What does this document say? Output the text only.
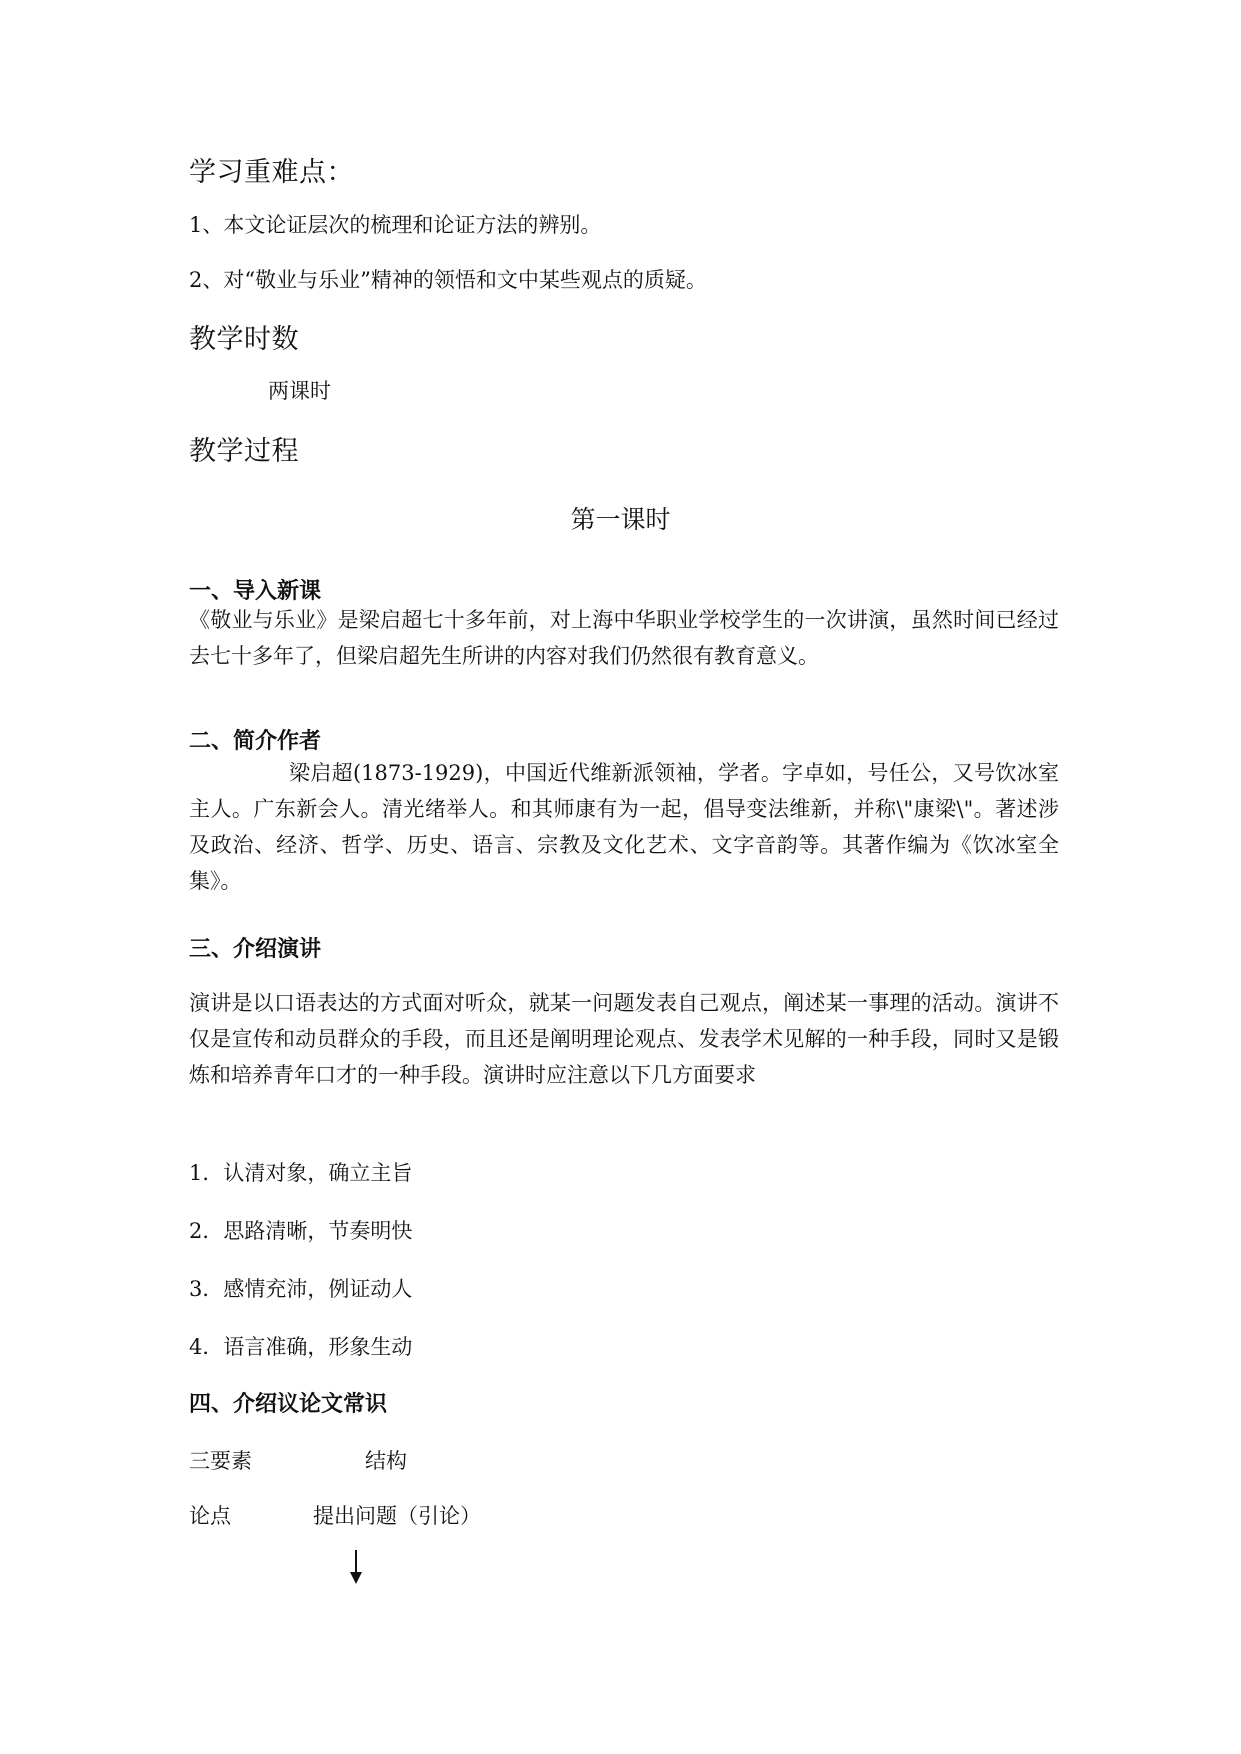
学习重难点：
1、本文论证层次的梳理和论证方法的辨别。
2、对“敬业与乐业”精神的领悟和文中某些观点的质疑。
教学时数
两课时
教学过程
第一课时
一、导入新课
《敬业与乐业》是梁启超七十多年前，对上海中华职业学校学生的一次讲演，虽然时间已经过去七十多年了，但梁启超先生所讲的内容对我们仍然很有教育意义。
二、简介作者
梁启超(1873-1929)，中国近代维新派领袖，学者。字卓如，号任公，又号饮冰室主人。广东新会人。清光绪举人。和其师康有为一起，倡导变法维新，并称\"康梁\"。著述涉及政治、经济、哲学、历史、语言、宗教及文化艺术、文字音韵等。其著作编为《饮冰室全集》。
三、介绍演讲
演讲是以口语表达的方式面对听众，就某一问题发表自己观点，阐述某一事理的活动。演讲不仅是宣传和动员群众的手段，而且还是阐明理论观点、发表学术见解的一种手段，同时又是锻炼和培养青年口才的一种手段。演讲时应注意以下几方面要求
1．认清对象，确立主旨
2．思路清晰，节奏明快
3．感情充沛，例证动人
4．语言准确，形象生动
四、介绍议论文常识
三要素	结构
论点	提出问题（引论）
